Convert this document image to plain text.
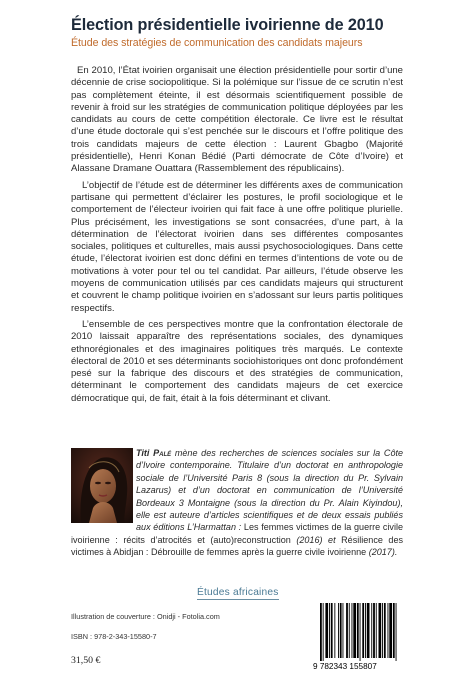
Élection présidentielle ivoirienne de 2010
Étude des stratégies de communication des candidats majeurs

En 2010, l’État ivoirien organisait une élection présidentielle pour sortir d’une décennie de crise sociopolitique. Si la polémique sur l’issue de ce scrutin n’est pas complètement éteinte, il est désormais scientifiquement possible de revenir à froid sur les stratégies de communication politique déployées par les candidats au cours de cette compétition électorale. Ce livre est le résultat d’une étude doctorale qui s’est penchée sur le discours et l’offre politique des trois candidats majeurs de cette élection : Laurent Gbagbo (Majorité présidentielle), Henri Konan Bédié (Parti démocrate de Côte d’Ivoire) et Alassane Dramane Ouattara (Rassemblement des républicains).

L’objectif de l’étude est de déterminer les différents axes de communication partisane qui permettent d’éclairer les postures, le profil sociologique et le comportement de l’électeur ivoirien qui fait face à une offre politique plurielle. Plus précisément, les investigations se sont consacrées, d’une part, à la détermination de l’électorat ivoirien dans ses différentes composantes sociales, politiques et culturelles, mais aussi psychosociologiques. Dans cette étude, l’électorat ivoirien est donc défini en termes d’intentions de vote ou de motivations à voter pour tel ou tel candidat. Par ailleurs, l’étude observe les moyens de communication utilisés par ces candidats majeurs qui structurent et couvrent le champ politique ivoirien en s’adossant sur leurs partis politiques respectifs.

L’ensemble de ces perspectives montre que la confrontation électorale de 2010 laissait apparaître des représentations sociales, des dynamiques ethnorégionales et des imaginaires politiques très marqués. Le contexte électoral de 2010 et ses déterminants sociohistoriques ont donc profondément pesé sur la fabrique des discours et des stratégies de communication, déterminant le comportement des candidats majeurs de cet exercice démocratique qui, de fait, était à la fois déterminant et clivant.

Titi Palé mène des recherches de sciences sociales sur la Côte d’Ivoire contemporaine. Titulaire d’un doctorat en anthropologie sociale de l’Université Paris 8 (sous la direction du Pr. Sylvain Lazarus) et d’un doctorat en communication de l’Université Bordeaux 3 Montaigne (sous la direction du Pr. Alain Kiyindou), elle est auteure d’articles scientifiques et de deux essais publiés aux éditions L’Harmattan : Les femmes victimes de la guerre civile ivoirienne : récits d’atrocités et (auto)reconstruction (2016) et Résilience des victimes à Abidjan : Débrouille de femmes après la guerre civile ivoirienne (2017).
Études africaines
Illustration de couverture : Onidji - Fotolia.com
ISBN : 978-2-343-15580-7
31,50 €
9 782343 155807
